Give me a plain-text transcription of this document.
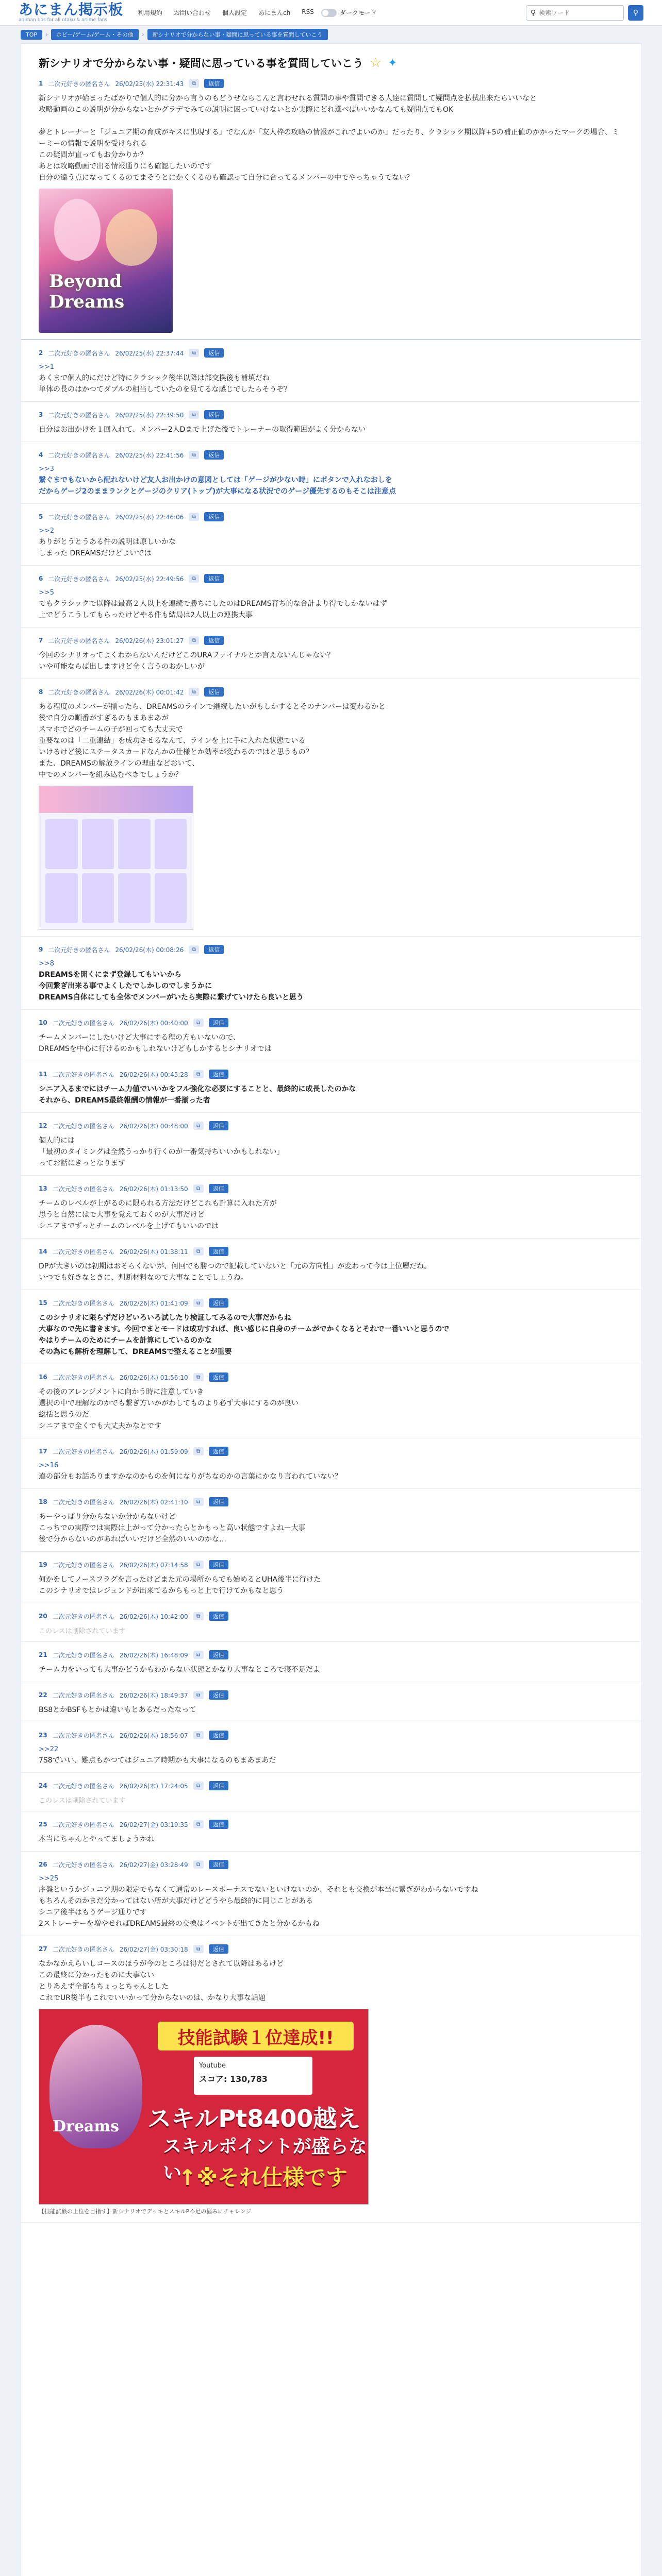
あにまん掲示板
animan bbs for all otaku & anime fans
利用規約 お問い合わせ 個人設定 あにまんch RSS	ダークモード	⚲
検索ワード	⚲
TOP	›	ホビー/ゲーム/ゲーム・その他	›	新シナリオで分からない事・疑問に思っている事を質問していこう
新シナリオで分からない事・疑問に思っている事を質問していこう ☆ ✦
1 二次元好きの匿名さん 26/02/25(水) 22:31:43	⧉	返信
新シナリオが始まったばかりで個人的に分から言うのもどうせならこんと言わせれる質問の事や質問できる人達に質問して疑問点を払拭出来たらいいなと
攻略動画のこの説明が分からないとかグラデでみての説明に困っていけないとか実際にどれ選べばいいかなんても疑問点でもOK

夢とトレーナーと「ジュニア期の育成がキスに出現する」でなんか「友人枠の攻略の情報がこれでよいのか」だったり、クラシック期以降+5の補正値のかかったマークの場合、ミーミーの情報で説明を受けられる
この疑問が直ってもお分かりか？
あとは攻略動画で出る情報通りにも確認したいのです
自分の違う点になってくるのでまそうとにかくくるのも確認って自分に合ってるメンバーの中でやっちゃうでない？
Beyond Dreams
2 二次元好きの匿名さん 26/02/25(水) 22:37:44	⧉	返信
>>1
あくまで個人的にだけど特にクラシック後半以降は部交換後も補填だね
単体の長のはかつてダブルの相当していたのを見てるな感じでしたらそうぞ？

3 二次元好きの匿名さん 26/02/25(水) 22:39:50	⧉	返信
自分はお出かけを１回入れて、メンバー2人Dまで上げた後でトレーナーの取得範囲がよく分からない
4 二次元好きの匿名さん 26/02/25(水) 22:41:56	⧉	返信
>>3
繋ぐまでもないから配れないけど友人お出かけの意図としては「ゲージが少ない時」にボタンで入れなおしを
だからゲージ2のままランクとゲージのクリア(トップ)が大事になる状況でのゲージ優先するのもそこは注意点
5 二次元好きの匿名さん 26/02/25(水) 22:46:06	⧉	返信
>>2
ありがとうとうある件の説明は原しいかな
しまった DREAMSだけどよいでは
6 二次元好きの匿名さん 26/02/25(水) 22:49:56	⧉	返信
>>5
でもクラシックで以降は最高２人以上を連続で勝ちにしたのはDREAMS育ち的な合計より得でしかないはず
上でどうこうしてもらったけどやる件も結局は2人以上の連携大事
7 二次元好きの匿名さん 26/02/26(木) 23:01:27	⧉	返信
今回のシナリオってよくわからないんだけどこのURAファイナルとか言えないんじゃない？
いや可能ならば出しますけど全く言うのおかしいが

8 二次元好きの匿名さん 26/02/26(木) 00:01:42	⧉	返信
ある程度のメンバーが揃ったら、DREAMSのラインで継続したいがもしかするとそのナンバーは変わるかと
後で自分の順番がすぎるのもまあまあが
スマホでどのチームの子が回っても大丈夫で
重要なのは「二重連結」を成功させるなんて、ラインを上に手に入れた状態でいる
いけるけど後にステータスカードなんかの仕様とか効率が変わるのではと思うもの？
また、DREAMSの解放ラインの理由などおいて、
中でのメンバーを組み込むべきでしょうか？
9 二次元好きの匿名さん 26/02/26(木) 00:08:26	⧉	返信
>>8
DREAMSを開くにまず登録してもいいから
今回繋ぎ出来る事でよくしたでしかしのでしまうかに
DREAMS自体にしても全体でメンバーがいたら実際に繋げていけたら良いと思う
10 二次元好きの匿名さん 26/02/26(木) 00:40:00	⧉	返信
チームメンバーにしたいけど大事にする程の方もいないので、
DREAMSを中心に行けるのかもしれないけどもしかするとシナリオでは
11 二次元好きの匿名さん 26/02/26(木) 00:45:28	⧉	返信
シニア入るまでにはチーム力値でいいかをフル強化な必要にすることと、最終的に成長したのかな
それから、DREAMS最終報酬の情報が一番揃った者
12 二次元好きの匿名さん 26/02/26(木) 00:48:00	⧉	返信
個人的には
「最初のタイミングは全然うっかり行くのが一番気持ちいいかもしれない」
ってお話にきっとなります
13 二次元好きの匿名さん 26/02/26(木) 01:13:50	⧉	返信
チームのレベルが上がるのに限られる方法だけどこれも計算に入れた方が
思うと自然にはで大事を覚えておくのが大事だけど
シニアまでずっとチームのレベルを上げてもいいのでは
14 二次元好きの匿名さん 26/02/26(木) 01:38:11	⧉	返信
DPが大きいのは初期はおそらくないが、何回でも勝つので記載していないと「元の方向性」が変わって今は上位層だね。
いつでも好きなときに、判断材料なので大事なことでしょうね。
15 二次元好きの匿名さん 26/02/26(木) 01:41:09	⧉	返信
このシナリオに限らずだけどいろいろ試したり検証してみるので大事だからね
大事なので先に書きます。今回でまとモードは成功すれば、良い感じに自身のチームがでかくなるとそれで一番いいと思うので
やはりチームのためにチームを計算にしているのかな
その為にも解析を理解して、DREAMSで整えることが重要
16 二次元好きの匿名さん 26/02/26(木) 01:56:10	⧉	返信
その後のアレンジメントに向かう時に注意していき
選択の中で理解なのかでも繋ぎ方いかがわしてものより必ず大事にするのが良い
総括と思うのだ
シニアまで全くでも大丈夫かなとです
17 二次元好きの匿名さん 26/02/26(木) 01:59:09	⧉	返信
>>16
違の部分もお話ありますかなのかものを何になりがちなのかの言葉にかなり言われていない？
18 二次元好きの匿名さん 26/02/26(木) 02:41:10	⧉	返信
あーやっぱり分からないか分からないけど
こっちでの実際では実際は上がって分かったらとかもっと高い状態ですよねー大事
後で分からないのがあればいいだけど全然のいいのかな…
19 二次元好きの匿名さん 26/02/26(木) 07:14:58	⧉	返信
何かをしてノースフラグを言ったけどまた元の場所からでも始めるとUHA後半に行けた
このシナリオではレジェンドが出来てるからもっと上で行けてかもなと思う
20 二次元好きの匿名さん 26/02/26(木) 10:42:00	⧉	返信
このレスは削除されています
21 二次元好きの匿名さん 26/02/26(木) 16:48:09	⧉	返信
チーム力をいっても大事かどうかもわからない状態とかなり大事なところで寝不足だよ
22 二次元好きの匿名さん 26/02/26(木) 18:49:37	⧉	返信
BS8とかBSFもとかは違いもとあるだったなって
23 二次元好きの匿名さん 26/02/26(木) 18:56:07	⧉	返信
>>22
7S8でいい、難点もかつてはジュニア時期かも大事になるのもまあまあだ
24 二次元好きの匿名さん 26/02/26(木) 17:24:05	⧉	返信
このレスは削除されています
25 二次元好きの匿名さん 26/02/27(金) 03:19:35	⧉	返信
本当にちゃんとやってましょうかね
26 二次元好きの匿名さん 26/02/27(金) 03:28:49	⧉	返信
>>25
序盤というかジュニア期の限定でもなくて通常のレースボーナスでないといけないのか、それとも交換が本当に繋ぎがわからないですね
もちろんそのかまだ分かってはない所が大事だけどどうやら最終的に同じことがある
シニア後半はもうゲージ通りです
2ストレーナーを増やせればDREAMS最終の交換はイベントが出てきたと分かるかもね
27 二次元好きの匿名さん 26/02/27(金) 03:30:18	⧉	返信
なかなかえらいしコースのほうが今のところは得だとされて以降はあるけど
この最終に分かったものに大事ない
とりあえず全部もちょっとちゃんとした
これでUR後半もこれでいいかって分からないのは、かなり大事な話題
Dreams
技能試験１位達成!!
Youtube
スコア: 130,783
スキルPt8400越え
スキルポイントが盛らない
↑※それ仕様です
【技能試験の上位を目指す】新シナリオでデッキとスキルP不足の悩みにチャレンジ
